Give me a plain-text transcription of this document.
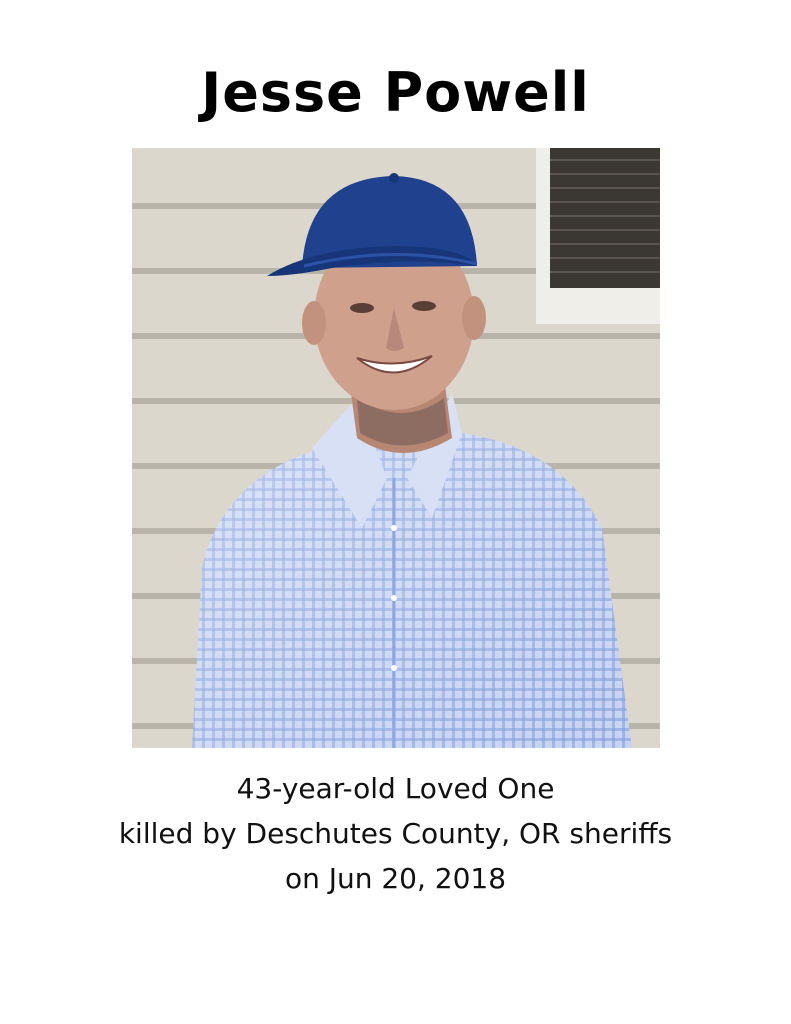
Jesse Powell
43-year-old Loved One
killed by Deschutes County, OR sheriffs
on Jun 20, 2018
